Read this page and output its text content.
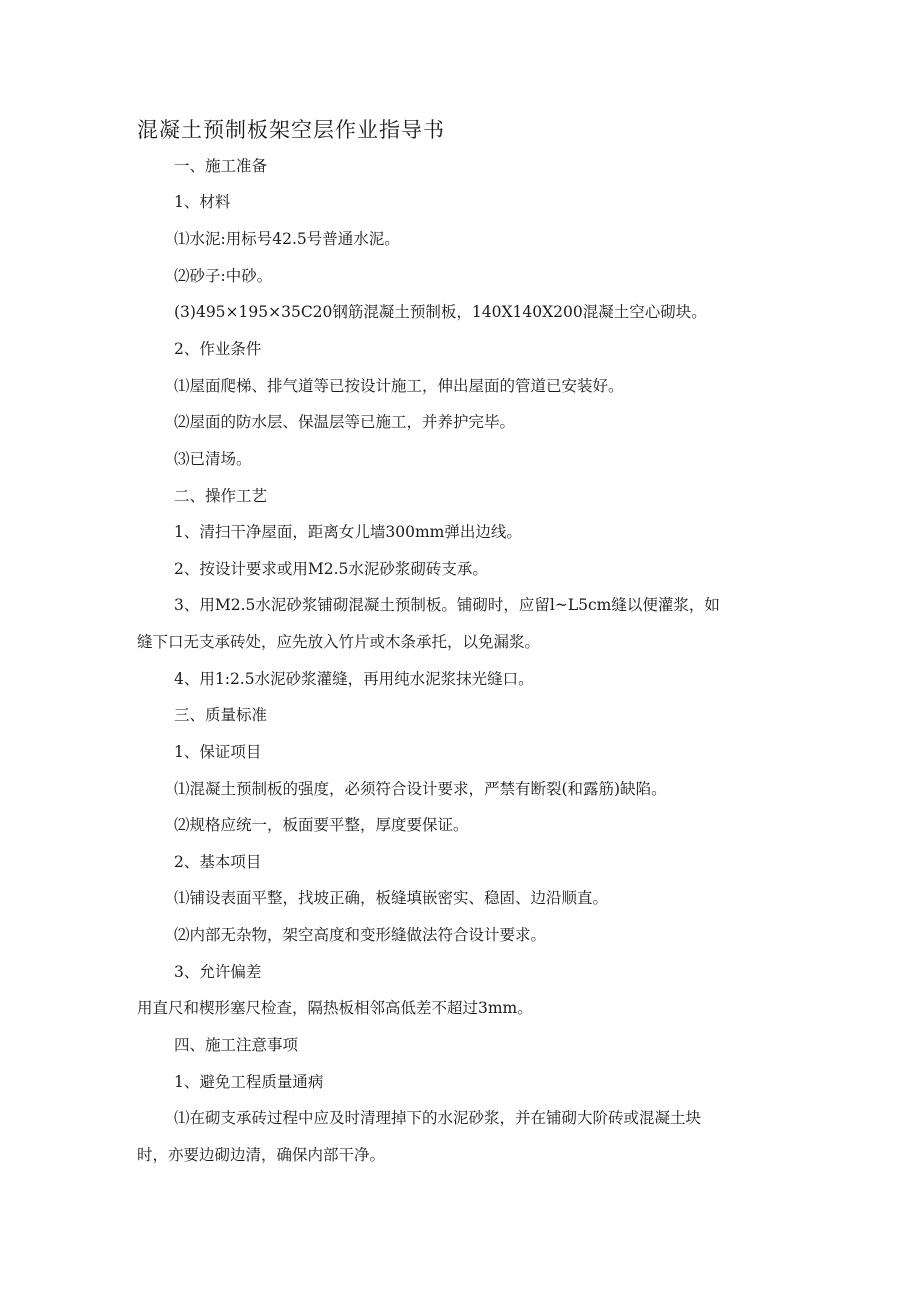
混凝土预制板架空层作业指导书
一、施工准备
1、材料
⑴水泥:用标号42.5号普通水泥。
⑵砂子:中砂。
(3)495×195×35C20钢筋混凝土预制板，140X140X200混凝土空心砌块。
2、作业条件
⑴屋面爬梯、排气道等已按设计施工，伸出屋面的管道已安装好。
⑵屋面的防水层、保温层等已施工，并养护完毕。
⑶已清场。
二、操作工艺
1、清扫干净屋面，距离女儿墙300mm弹出边线。
2、按设计要求或用M2.5水泥砂浆砌砖支承。
3、用M2.5水泥砂浆铺砌混凝土预制板。铺砌时，应留l~L5cm缝以便灌浆，如
缝下口无支承砖处，应先放入竹片或木条承托，以免漏浆。
4、用1:2.5水泥砂浆灌缝，再用纯水泥浆抹光缝口。
三、质量标准
1、保证项目
⑴混凝土预制板的强度，必须符合设计要求，严禁有断裂(和露筋)缺陷。
⑵规格应统一，板面要平整，厚度要保证。
2、基本项目
⑴铺设表面平整，找坡正确，板缝填嵌密实、稳固、边沿顺直。
⑵内部无杂物，架空高度和变形缝做法符合设计要求。
3、允许偏差
用直尺和楔形塞尺检查，隔热板相邻高低差不超过3mm。
四、施工注意事项
1、避免工程质量通病
⑴在砌支承砖过程中应及时清理掉下的水泥砂浆，并在铺砌大阶砖或混凝土块
时，亦要边砌边清，确保内部干净。
